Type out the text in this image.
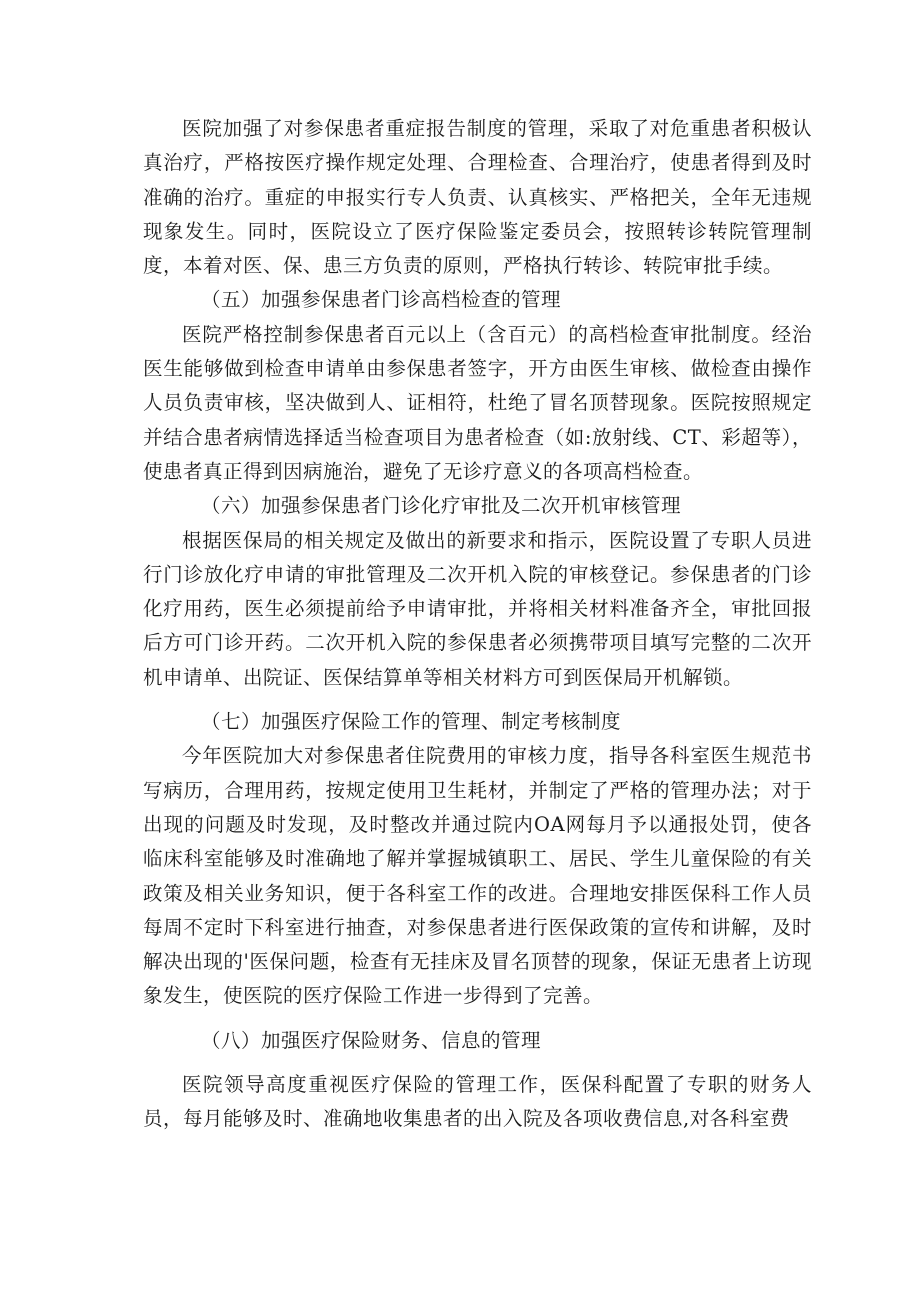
医院加强了对参保患者重症报告制度的管理，采取了对危重患者积极认真治疗，严格按医疗操作规定处理、合理检查、合理治疗，使患者得到及时准确的治疗。重症的申报实行专人负责、认真核实、严格把关，全年无违规现象发生。同时，医院设立了医疗保险鉴定委员会，按照转诊转院管理制度，本着对医、保、患三方负责的原则，严格执行转诊、转院审批手续。

（五）加强参保患者门诊高档检查的管理

医院严格控制参保患者百元以上（含百元）的高档检查审批制度。经治医生能够做到检查申请单由参保患者签字，开方由医生审核、做检查由操作人员负责审核，坚决做到人、证相符，杜绝了冒名顶替现象。医院按照规定并结合患者病情选择适当检查项目为患者检查（如:放射线、CT、彩超等），使患者真正得到因病施治，避免了无诊疗意义的各项高档检查。

（六）加强参保患者门诊化疗审批及二次开机审核管理

根据医保局的相关规定及做出的新要求和指示，医院设置了专职人员进行门诊放化疗申请的审批管理及二次开机入院的审核登记。参保患者的门诊化疗用药，医生必须提前给予申请审批，并将相关材料准备齐全，审批回报后方可门诊开药。二次开机入院的参保患者必须携带项目填写完整的二次开机申请单、出院证、医保结算单等相关材料方可到医保局开机解锁。

（七）加强医疗保险工作的管理、制定考核制度

今年医院加大对参保患者住院费用的审核力度，指导各科室医生规范书写病历，合理用药，按规定使用卫生耗材，并制定了严格的管理办法；对于出现的问题及时发现，及时整改并通过院内OA网每月予以通报处罚，使各临床科室能够及时准确地了解并掌握城镇职工、居民、学生儿童保险的有关政策及相关业务知识，便于各科室工作的改进。合理地安排医保科工作人员每周不定时下科室进行抽查，对参保患者进行医保政策的宣传和讲解，及时解决出现的'医保问题，检查有无挂床及冒名顶替的现象，保证无患者上访现象发生，使医院的医疗保险工作进一步得到了完善。

（八）加强医疗保险财务、信息的管理

医院领导高度重视医疗保险的管理工作，医保科配置了专职的财务人员，每月能够及时、准确地收集患者的出入院及各项收费信息,对各科室费
